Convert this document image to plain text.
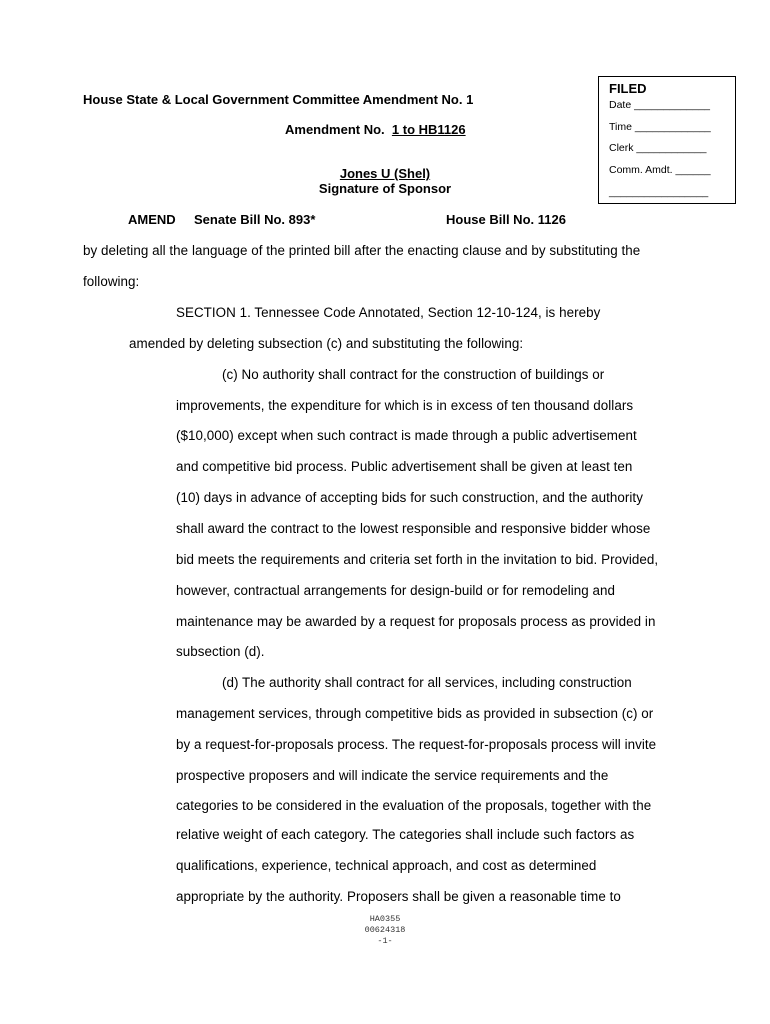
FILED
Date _____________
Time _____________
Clerk ____________
Comm. Amdt. ______
_________________
House State & Local Government Committee Amendment No. 1
Amendment No. 1 to HB1126
Jones U (Shel)
Signature of Sponsor
AMEND Senate Bill No. 893*	House Bill No. 1126
by deleting all the language of the printed bill after the enacting clause and by substituting the
following:
SECTION 1. Tennessee Code Annotated, Section 12-10-124, is hereby
amended by deleting subsection (c) and substituting the following:
(c) No authority shall contract for the construction of buildings or
improvements, the expenditure for which is in excess of ten thousand dollars
($10,000) except when such contract is made through a public advertisement
and competitive bid process. Public advertisement shall be given at least ten
(10) days in advance of accepting bids for such construction, and the authority
shall award the contract to the lowest responsible and responsive bidder whose
bid meets the requirements and criteria set forth in the invitation to bid. Provided,
however, contractual arrangements for design-build or for remodeling and
maintenance may be awarded by a request for proposals process as provided in
subsection (d).
(d) The authority shall contract for all services, including construction
management services, through competitive bids as provided in subsection (c) or
by a request-for-proposals process. The request-for-proposals process will invite
prospective proposers and will indicate the service requirements and the
categories to be considered in the evaluation of the proposals, together with the
relative weight of each category. The categories shall include such factors as
qualifications, experience, technical approach, and cost as determined
appropriate by the authority. Proposers shall be given a reasonable time to
HA0355
00624318
-1-
